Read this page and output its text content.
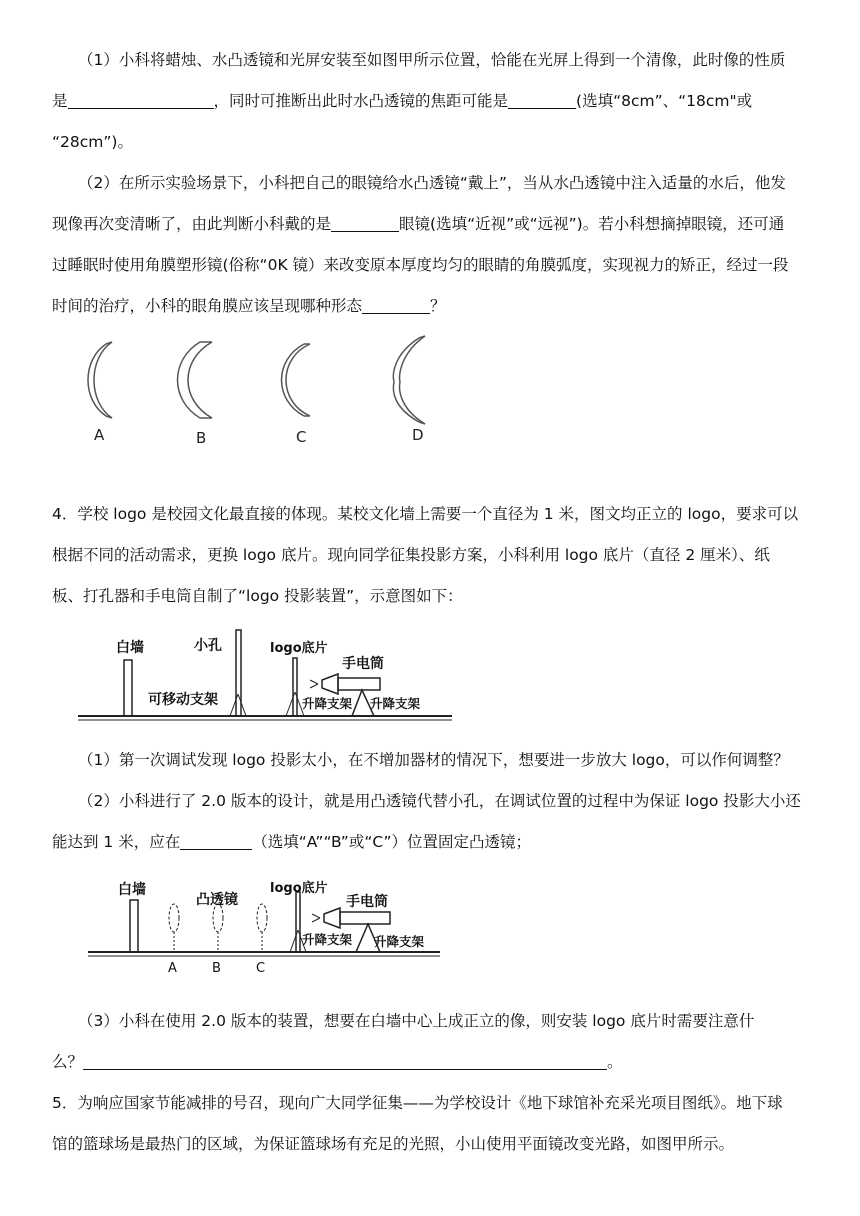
（1）小科将蜡烛、水凸透镜和光屏安装至如图甲所示位置，恰能在光屏上得到一个清像，此时像的性质
是	，同时可推断出此时水凸透镜的焦距可能是	(选填“8cm”、“18cm"或
“28cm”)。
（2）在所示实验场景下，小科把自己的眼镜给水凸透镜“戴上”，当从水凸透镜中注入适量的水后，他发
现像再次变清晰了，由此判断小科戴的是	眼镜(选填“近视”或“远视”)。若小科想摘掉眼镜，还可通
过睡眠时使用角膜塑形镜(俗称“0K 镜）来改变原本厚度均匀的眼睛的角膜弧度，实现视力的矫正，经过一段
时间的治疗，小科的眼角膜应该呈现哪种形态	？
A	B	C	D
4．学校 logo 是校园文化最直接的体现。某校文化墙上需要一个直径为 1 米，图文均正立的 logo，要求可以
根据不同的活动需求，更换 logo 底片。现向同学征集投影方案，小科利用 logo 底片（直径 2 厘米）、纸
板、打孔器和手电筒自制了“logo 投影装置”，示意图如下：
白墙	小孔
可移动支架
logo底片
手电筒
升降支架 升降支架
（1）第一次调试发现 logo 投影太小，在不增加器材的情况下，想要进一步放大 logo，可以作何调整？
（2）小科进行了 2.0 版本的设计，就是用凸透镜代替小孔，在调试位置的过程中为保证 logo 投影大小还
能达到 1 米，应在	（选填“A”“B”或“C”）位置固定凸透镜；
白墙
凸透镜
logo底片
手电筒
升降支架 升降支架
A	B	C
（3）小科在使用 2.0 版本的装置，想要在白墙中心上成正立的像，则安装 logo 底片时需要注意什
么？	。
5．为响应国家节能减排的号召，现向广大同学征集——为学校设计《地下球馆补充采光项目图纸》。地下球
馆的篮球场是最热门的区域，为保证篮球场有充足的光照，小山使用平面镜改变光路，如图甲所示。
